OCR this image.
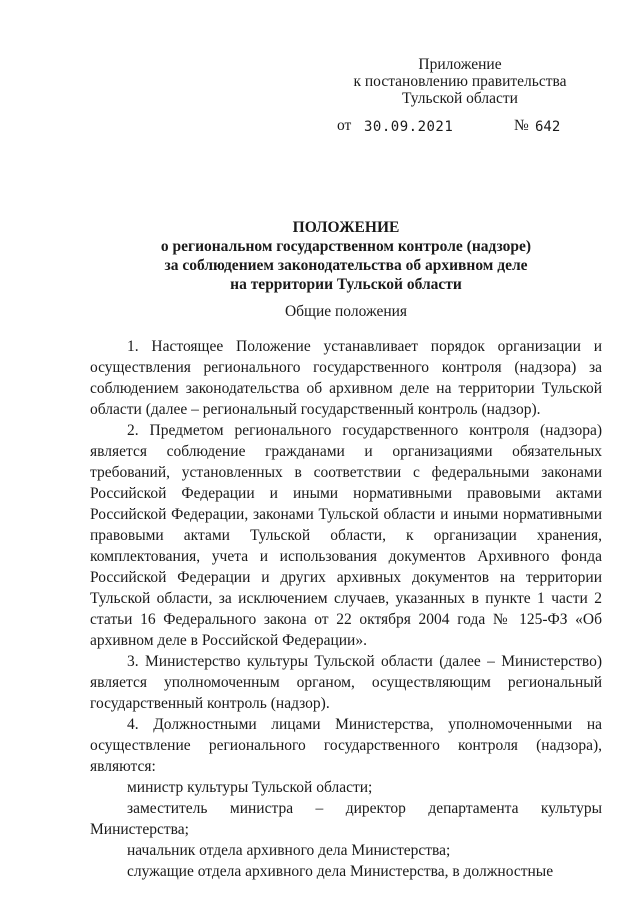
Приложение
к постановлению правительства
Тульской области
от 30.09.2021	№ 642
ПОЛОЖЕНИЕ
о региональном государственном контроле (надзоре)
за соблюдением законодательства об архивном деле
на территории Тульской области
Общие положения

1. Настоящее Положение устанавливает порядок организации и осуществления регионального государственного контроля (надзора) за соблюдением законодательства об архивном деле на территории Тульской области (далее – региональный государственный контроль (надзор).

2. Предметом регионального государственного контроля (надзора) является соблюдение гражданами и организациями обязательных требований, установленных в соответствии с федеральными законами Российской Федерации и иными нормативными правовыми актами Российской Федерации, законами Тульской области и иными нормативными правовыми актами Тульской области, к организации хранения, комплектования, учета и использования документов Архивного фонда Российской Федерации и других архивных документов на территории Тульской области, за исключением случаев, указанных в пункте 1 части 2 статьи 16 Федерального закона от 22 октября 2004 года № 125-ФЗ «Об архивном деле в Российской Федерации».

3. Министерство культуры Тульской области (далее – Министерство) является уполномоченным органом, осуществляющим региональный государственный контроль (надзор).

4. Должностными лицами Министерства, уполномоченными на осуществление регионального государственного контроля (надзора), являются:

министр культуры Тульской области;

заместитель министра – директор департамента культуры Министерства;

начальник отдела архивного дела Министерства;

служащие отдела архивного дела Министерства, в должностные
